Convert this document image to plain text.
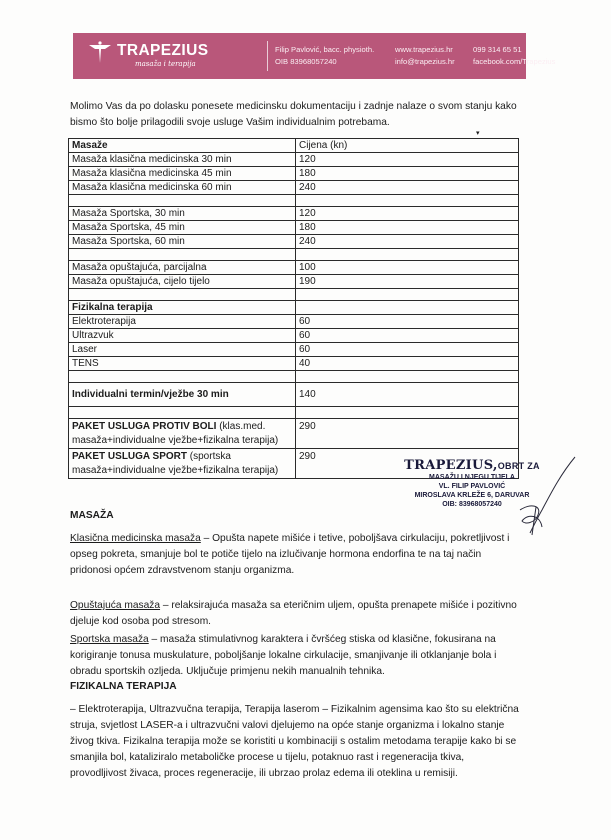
TRAPEZIUS
masaža i terapija
Filip Pavlović, bacc. physioth.
OIB 83968057240
www.trapezius.hr
info@trapezius.hr
099 314 65 51
facebook.com/Trapezius
Molimo Vas da po dolasku ponesete medicinsku dokumentaciju i zadnje nalaze o svom stanju kako bismo što bolje prilagodili svoje usluge Vašim individualnim potrebama.
▾
Masaže	Cijena (kn)
Masaža klasična medicinska 30 min	120
Masaža klasična medicinska 45 min	180
Masaža klasična medicinska 60 min	240

Masaža Sportska, 30 min	120
Masaža Sportska, 45 min	180
Masaža Sportska, 60 min	240

Masaža opuštajuća, parcijalna	100
Masaža opuštajuća, cijelo tijelo	190

Fizikalna terapija	
Elektroterapija	60
Ultrazvuk	60
Laser	60
TENS	40

Individualni termin/vježbe 30 min	140

PAKET USLUGA PROTIV BOLI (klas.med. masaža+individualne vježbe+fizikalna terapija)	290
PAKET USLUGA SPORT (sportska masaža+individualne vježbe+fizikalna terapija)	290
TRAPEZIUS,OBRT ZA
MASAŽU I NJEGU TIJELA
VL. FILIP PAVLOVIĆ
MIROSLAVA KRLEŽE 6, DARUVAR
OIB: 83968057240
MASAŽA
Klasična medicinska masaža – Opušta napete mišiće i tetive, poboljšava cirkulaciju, pokretljivost i opseg pokreta, smanjuje bol te potiče tijelo na izlučivanje hormona endorfina te na taj način pridonosi općem zdravstvenom stanju organizma.
Opuštajuća masaža – relaksirajuća masaža sa eteričnim uljem, opušta prenapete mišiće i pozitivno djeluje kod osoba pod stresom.
Sportska masaža – masaža stimulativnog karaktera i čvršćeg stiska od klasične, fokusirana na korigiranje tonusa muskulature, poboljšanje lokalne cirkulacije, smanjivanje ili otklanjanje bola i obradu sportskih ozljeda. Uključuje primjenu nekih manualnih tehnika.
FIZIKALNA TERAPIJA
– Elektroterapija, Ultrazvučna terapija, Terapija laserom – Fizikalnim agensima kao što su električna struja, svjetlost LASER-a i ultrazvučni valovi djelujemo na opće stanje organizma i lokalno stanje živog tkiva. Fizikalna terapija može se koristiti u kombinaciji s ostalim metodama terapije kako bi se smanjila bol, kataliziralo metaboličke procese u tijelu, potaknuo rast i regeneracija tkiva, provodljivost živaca, proces regeneracije, ili ubrzao prolaz edema ili oteklina u remisiji.
